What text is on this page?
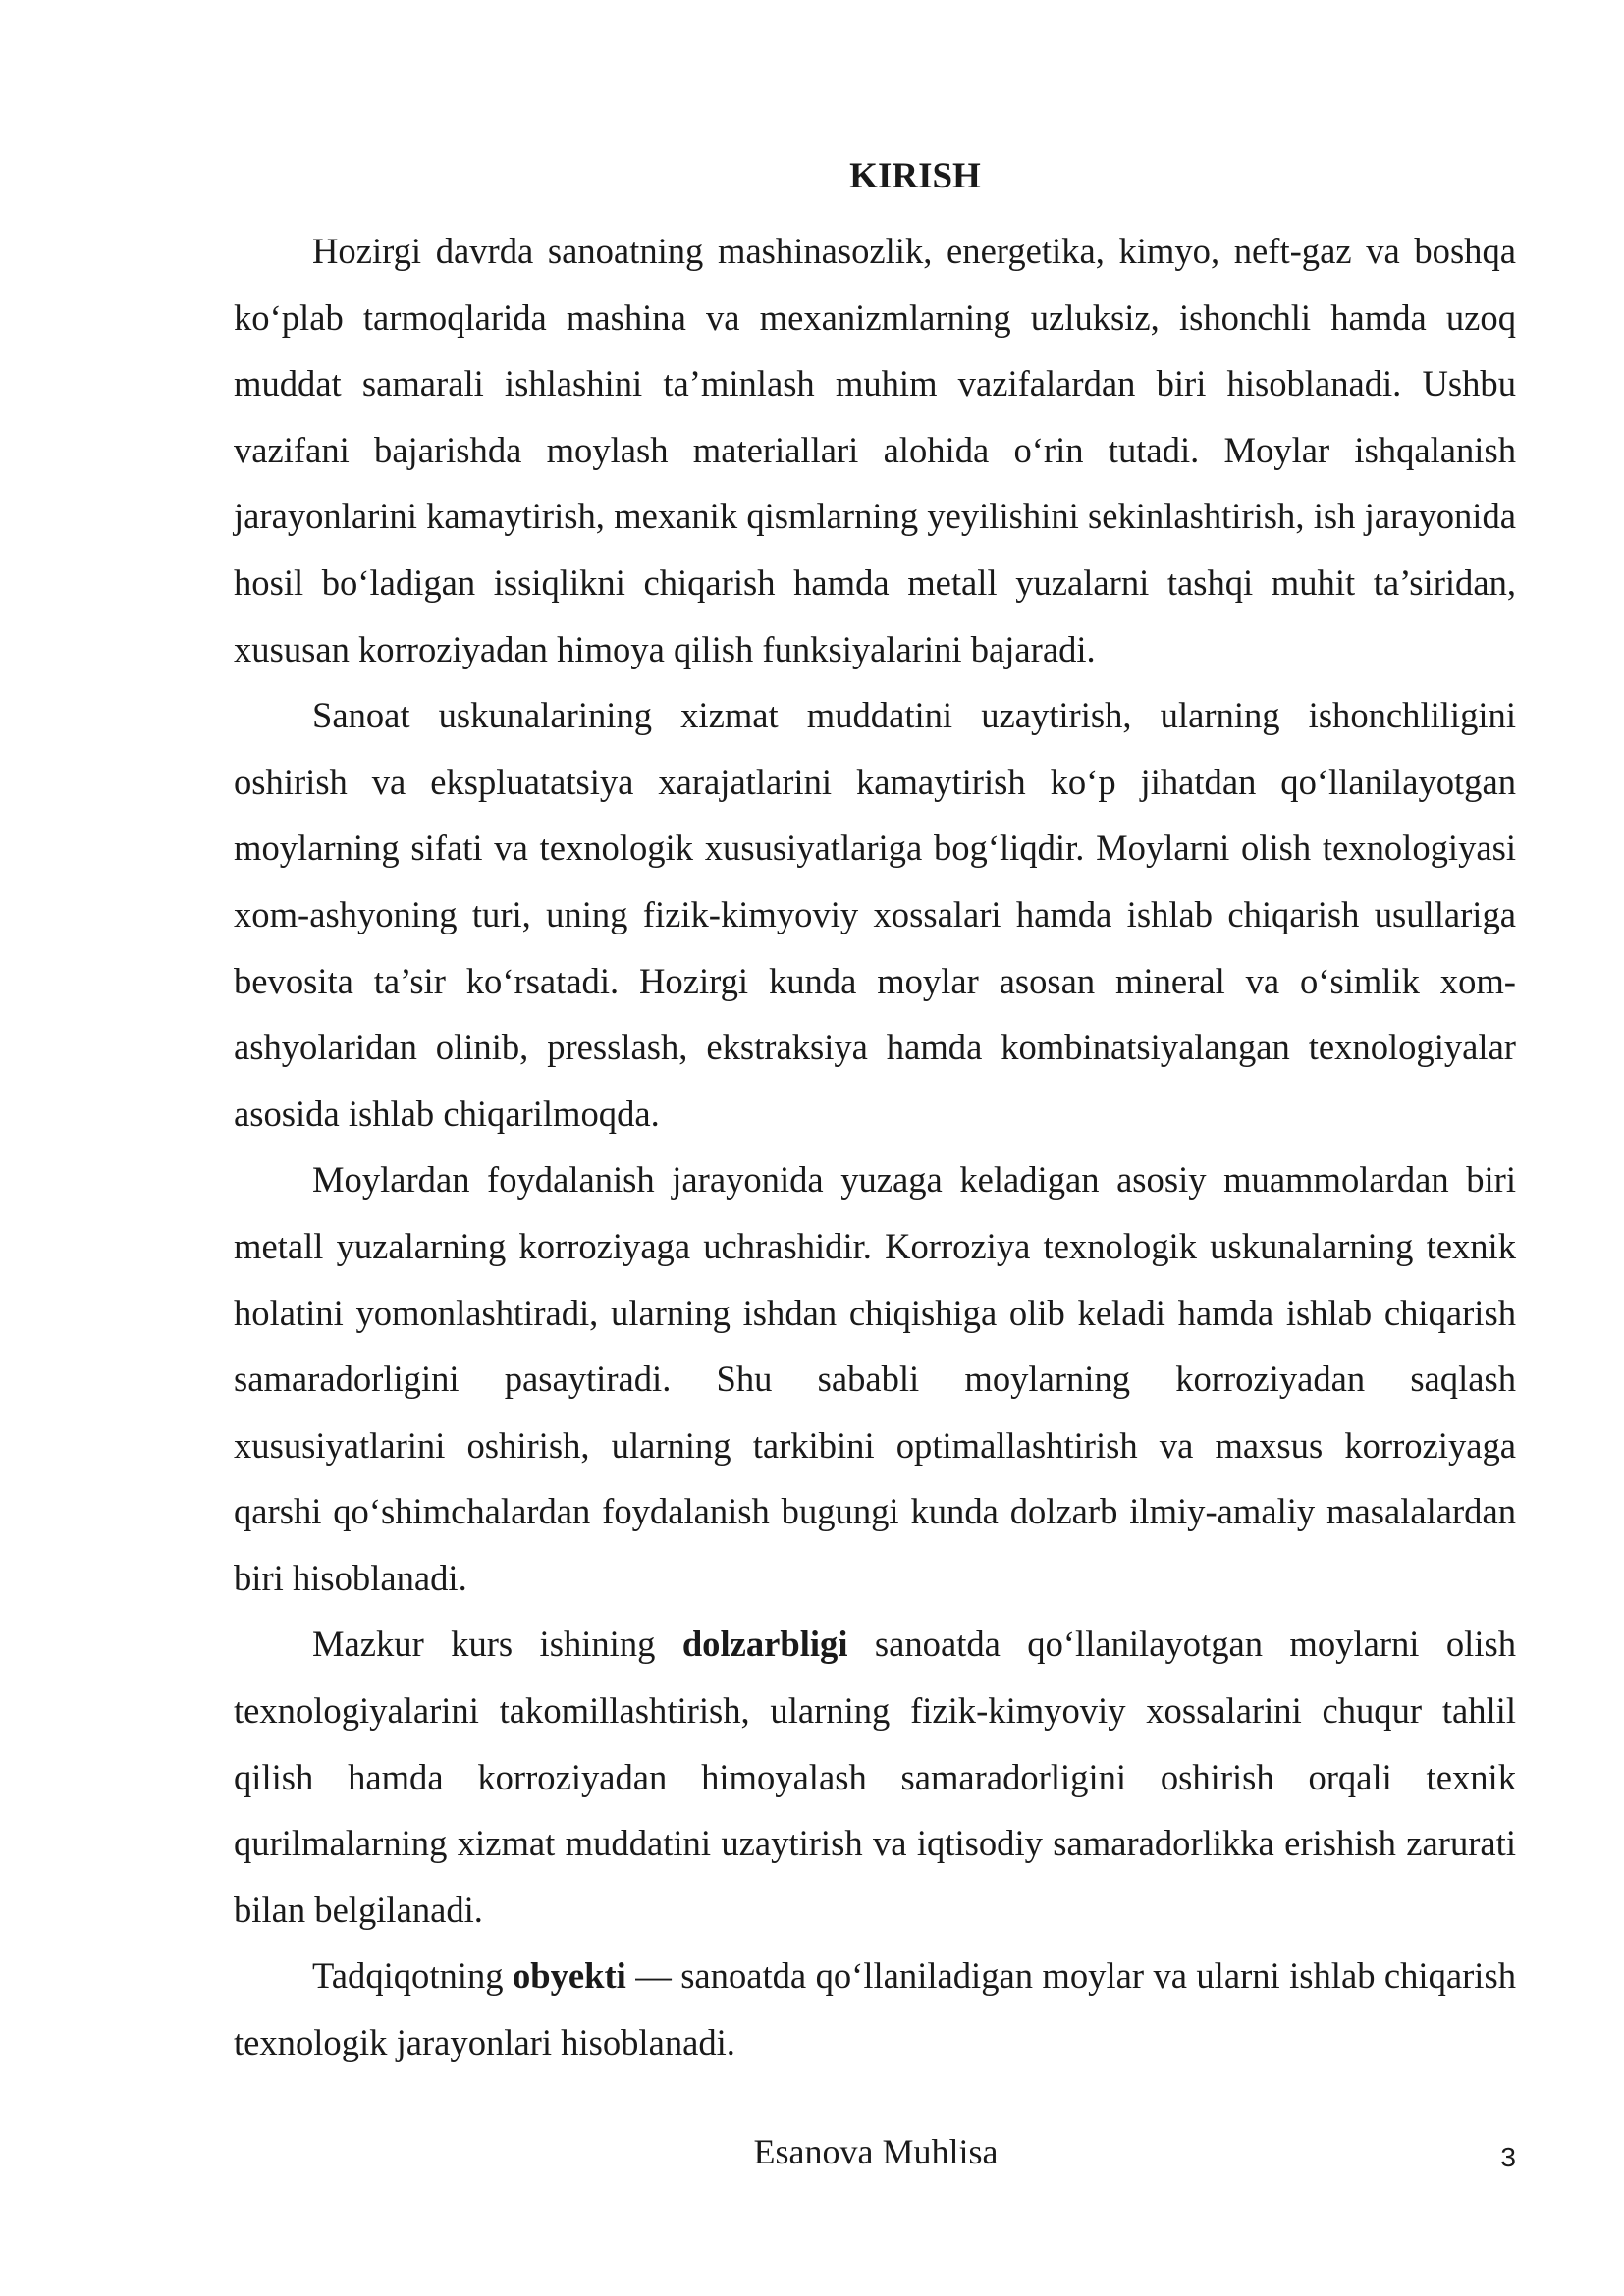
KIRISH

Hozirgi davrda sanoatning mashinasozlik, energetika, kimyo, neft-gaz va boshqa ko‘plab tarmoqlarida mashina va mexanizmlarning uzluksiz, ishonchli hamda uzoq muddat samarali ishlashini ta’minlash muhim vazifalardan biri hisoblanadi. Ushbu vazifani bajarishda moylash materiallari alohida o‘rin tutadi. Moylar ishqalanish jarayonlarini kamaytirish, mexanik qismlarning yeyilishini sekinlashtirish, ish jarayonida hosil bo‘ladigan issiqlikni chiqarish hamda metall yuzalarni tashqi muhit ta’siridan, xususan korroziyadan himoya qilish funksiyalarini bajaradi.

Sanoat uskunalarining xizmat muddatini uzaytirish, ularning ishonchliligini oshirish va ekspluatatsiya xarajatlarini kamaytirish ko‘p jihatdan qo‘llanilayotgan moylarning sifati va texnologik xususiyatlariga bog‘liqdir. Moylarni olish texnologiyasi xom-ashyoning turi, uning fizik-kimyoviy xossalari hamda ishlab chiqarish usullariga bevosita ta’sir ko‘rsatadi. Hozirgi kunda moylar asosan mineral va o‘simlik xom-ashyolaridan olinib, presslash, ekstraksiya hamda kombinatsiyalangan texnologiyalar asosida ishlab chiqarilmoqda.

Moylardan foydalanish jarayonida yuzaga keladigan asosiy muammolardan biri metall yuzalarning korroziyaga uchrashidir. Korroziya texnologik uskunalarning texnik holatini yomonlashtiradi, ularning ishdan chiqishiga olib keladi hamda ishlab chiqarish samaradorligini pasaytiradi. Shu sababli moylarning korroziyadan saqlash xususiyatlarini oshirish, ularning tarkibini optimallashtirish va maxsus korroziyaga qarshi qo‘shimchalardan foydalanish bugungi kunda dolzarb ilmiy-amaliy masalalardan biri hisoblanadi.

Mazkur kurs ishining dolzarbligi sanoatda qo‘llanilayotgan moylarni olish texnologiyalarini takomillashtirish, ularning fizik-kimyoviy xossalarini chuqur tahlil qilish hamda korroziyadan himoyalash samaradorligini oshirish orqali texnik qurilmalarning xizmat muddatini uzaytirish va iqtisodiy samaradorlikka erishish zarurati bilan belgilanadi.

Tadqiqotning obyekti — sanoatda qo‘llaniladigan moylar va ularni ishlab chiqarish texnologik jarayonlari hisoblanadi.

Esanova Muhlisa	3
